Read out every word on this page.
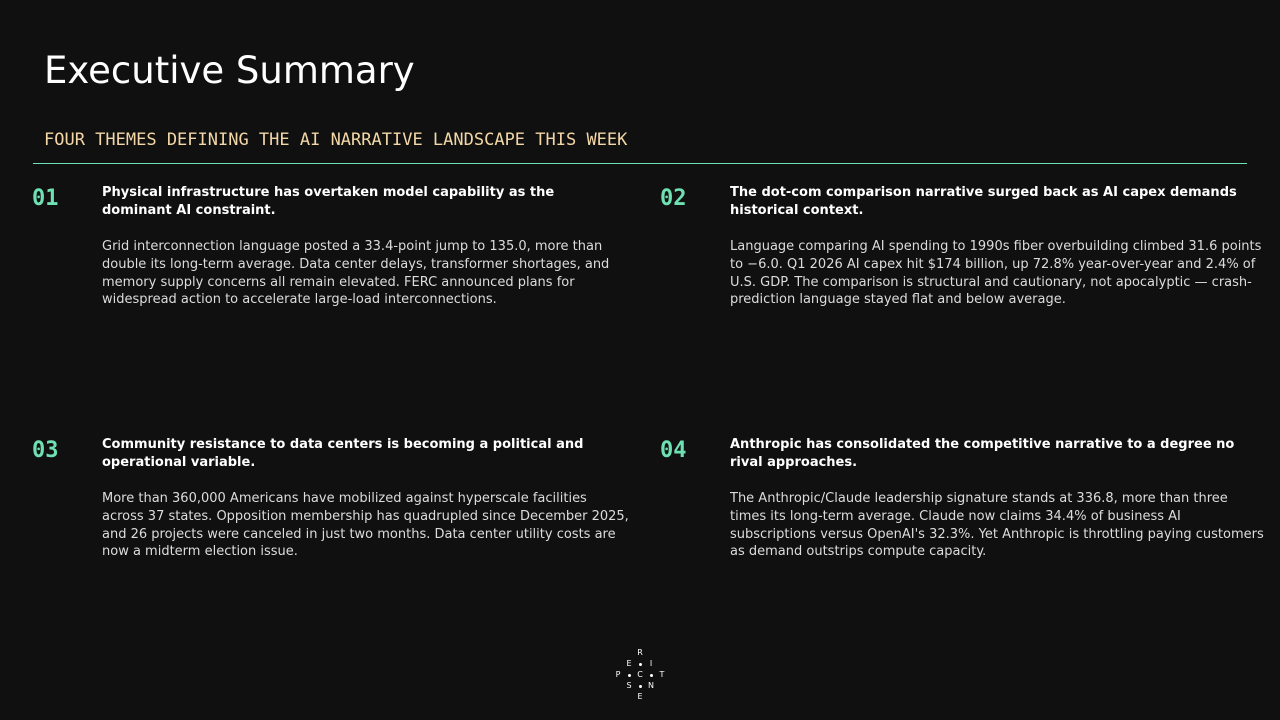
Executive Summary
FOUR THEMES DEFINING THE AI NARRATIVE LANDSCAPE THIS WEEK
01	Physical infrastructure has overtaken model capability as the dominant AI constraint.

Grid interconnection language posted a 33.4-point jump to 135.0, more than double its long-term average. Data center delays, transformer shortages, and memory supply concerns all remain elevated. FERC announced plans for widespread action to accelerate large-load interconnections.

02	The dot-com comparison narrative surged back as AI capex demands historical context.

Language comparing AI spending to 1990s fiber overbuilding climbed 31.6 points to −6.0. Q1 2026 AI capex hit $174 billion, up 72.8% year-over-year and 2.4% of U.S. GDP. The comparison is structural and cautionary, not apocalyptic — crash-prediction language stayed flat and below average.

03	Community resistance to data centers is becoming a political and operational variable.

More than 360,000 Americans have mobilized against hyperscale facilities across 37 states. Opposition membership has quadrupled since December 2025, and 26 projects were canceled in just two months. Data center utility costs are now a midterm election issue.

04	Anthropic has consolidated the competitive narrative to a degree no rival approaches.

The Anthropic/Claude leadership signature stands at 336.8, more than three times its long-term average. Claude now claims 34.4% of business AI subscriptions versus OpenAI's 32.3%. Yet Anthropic is throttling paying customers as demand outstrips compute capacity.

R
E	I
P	C	T
S	N
E
